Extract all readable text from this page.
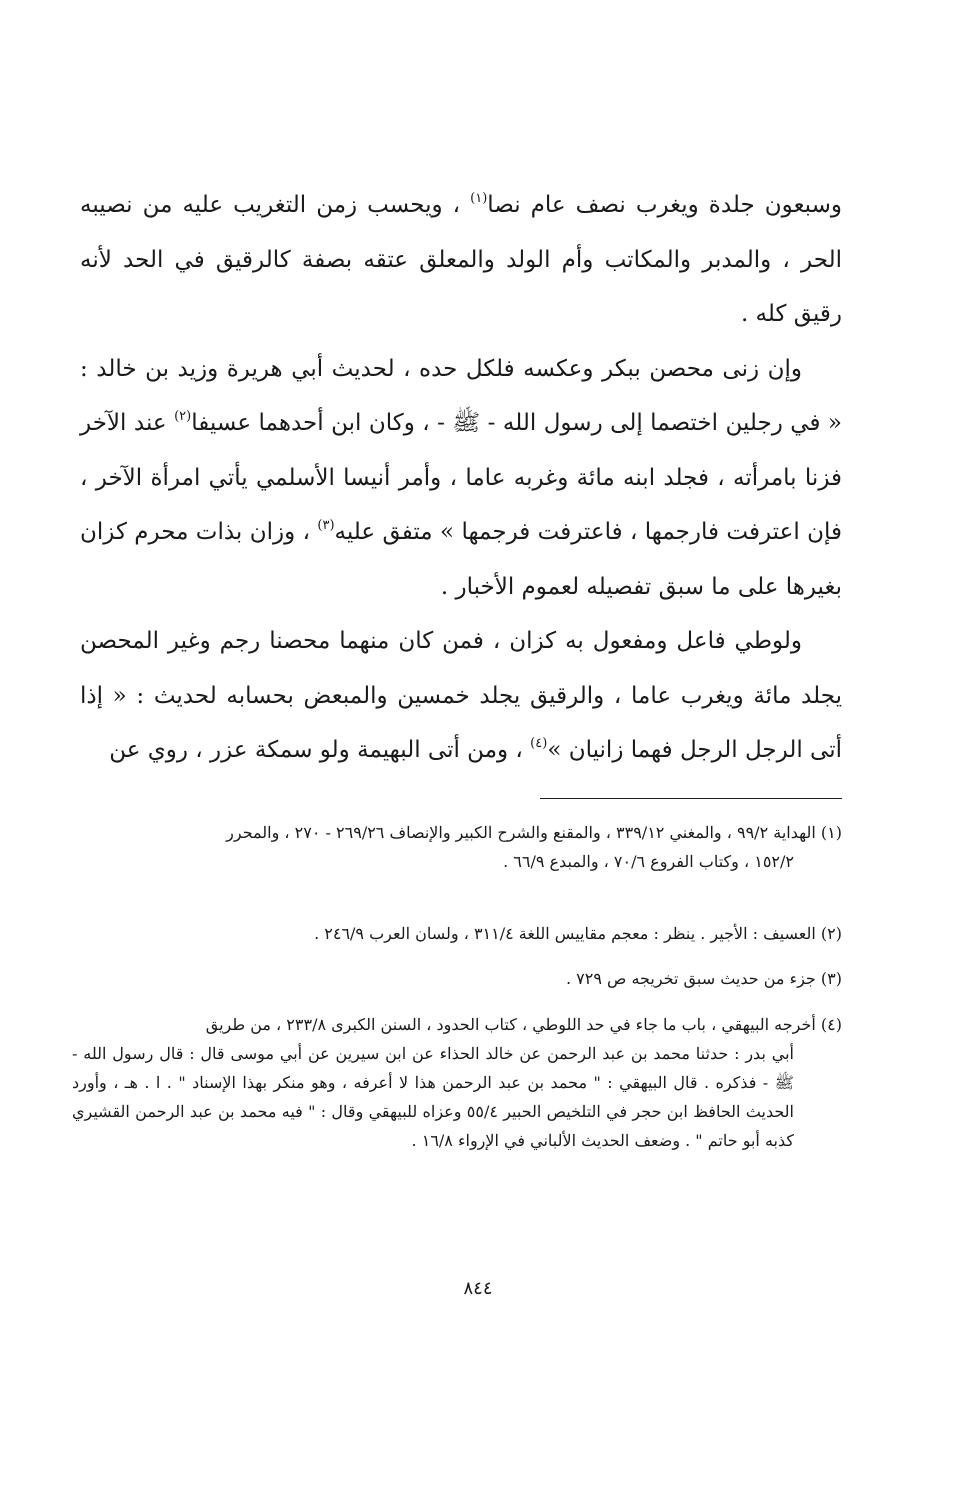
وسبعون جلدة ويغرب نصف عام نصا$^{(١)}$ ، ويحسب زمن التغريب عليه من نصيبه الحر ، والمدبر والمكاتب وأم الولد والمعلق عتقه بصفة كالرقيق في الحد لأنه رقيق كله .

وإن زنى محصن ببكر وعكسه فلكل حده ، لحديث أبي هريرة وزيد بن خالد : « في رجلين اختصما إلى رسول الله - ﷺ - ، وكان ابن أحدهما عسيفا$^{(٢)}$ عند الآخر فزنا بامرأته ، فجلد ابنه مائة وغربه عاما ، وأمر أنيسا الأسلمي يأتي امرأة الآخر ، فإن اعترفت فارجمها ، فاعترفت فرجمها » متفق عليه$^{(٣)}$ ، وزان بذات محرم كزان بغيرها على ما سبق تفصيله لعموم الأخبار .

ولوطي فاعل ومفعول به كزان ، فمن كان منهما محصنا رجم وغير المحصن يجلد مائة ويغرب عاما ، والرقيق يجلد خمسين والمبعض بحسابه لحديث : « إذا أتى الرجل الرجل فهما زانيان »$^{(٤)}$ ، ومن أتى البهيمة ولو سمكة عزر ، روي عن

(١) الهداية ٩٩/٢ ، والمغني ٣٣٩/١٢ ، والمقنع والشرح الكبير والإنصاف ٢٦٩/٢٦ - ٢٧٠ ، والمحرر
١٥٢/٢ ، وكتاب الفروع ٧٠/٦ ، والمبدع ٦٦/٩ .
(٢) العسيف : الأجير . ينظر : معجم مقاييس اللغة ٣١١/٤ ، ولسان العرب ٢٤٦/٩ .
(٣) جزء من حديث سبق تخريجه ص ٧٢٩ .
(٤) أخرجه البيهقي ، باب ما جاء في حد اللوطي ، كتاب الحدود ، السنن الكبرى ٢٣٣/٨ ، من طريق
أبي بدر : حدثنا محمد بن عبد الرحمن عن خالد الحذاء عن ابن سيرين عن أبي موسى قال : قال رسول الله - ﷺ - فذكره . قال البيهقي : " محمد بن عبد الرحمن هذا لا أعرفه ، وهو منكر بهذا الإسناد " . ا . هـ ، وأورد الحديث الحافظ ابن حجر في التلخيص الحبير ٥٥/٤ وعزاه للبيهقي وقال : " فيه محمد بن عبد الرحمن القشيري كذبه أبو حاتم " . وضعف الحديث الألباني في الإرواء ١٦/٨ .
٨٤٤
